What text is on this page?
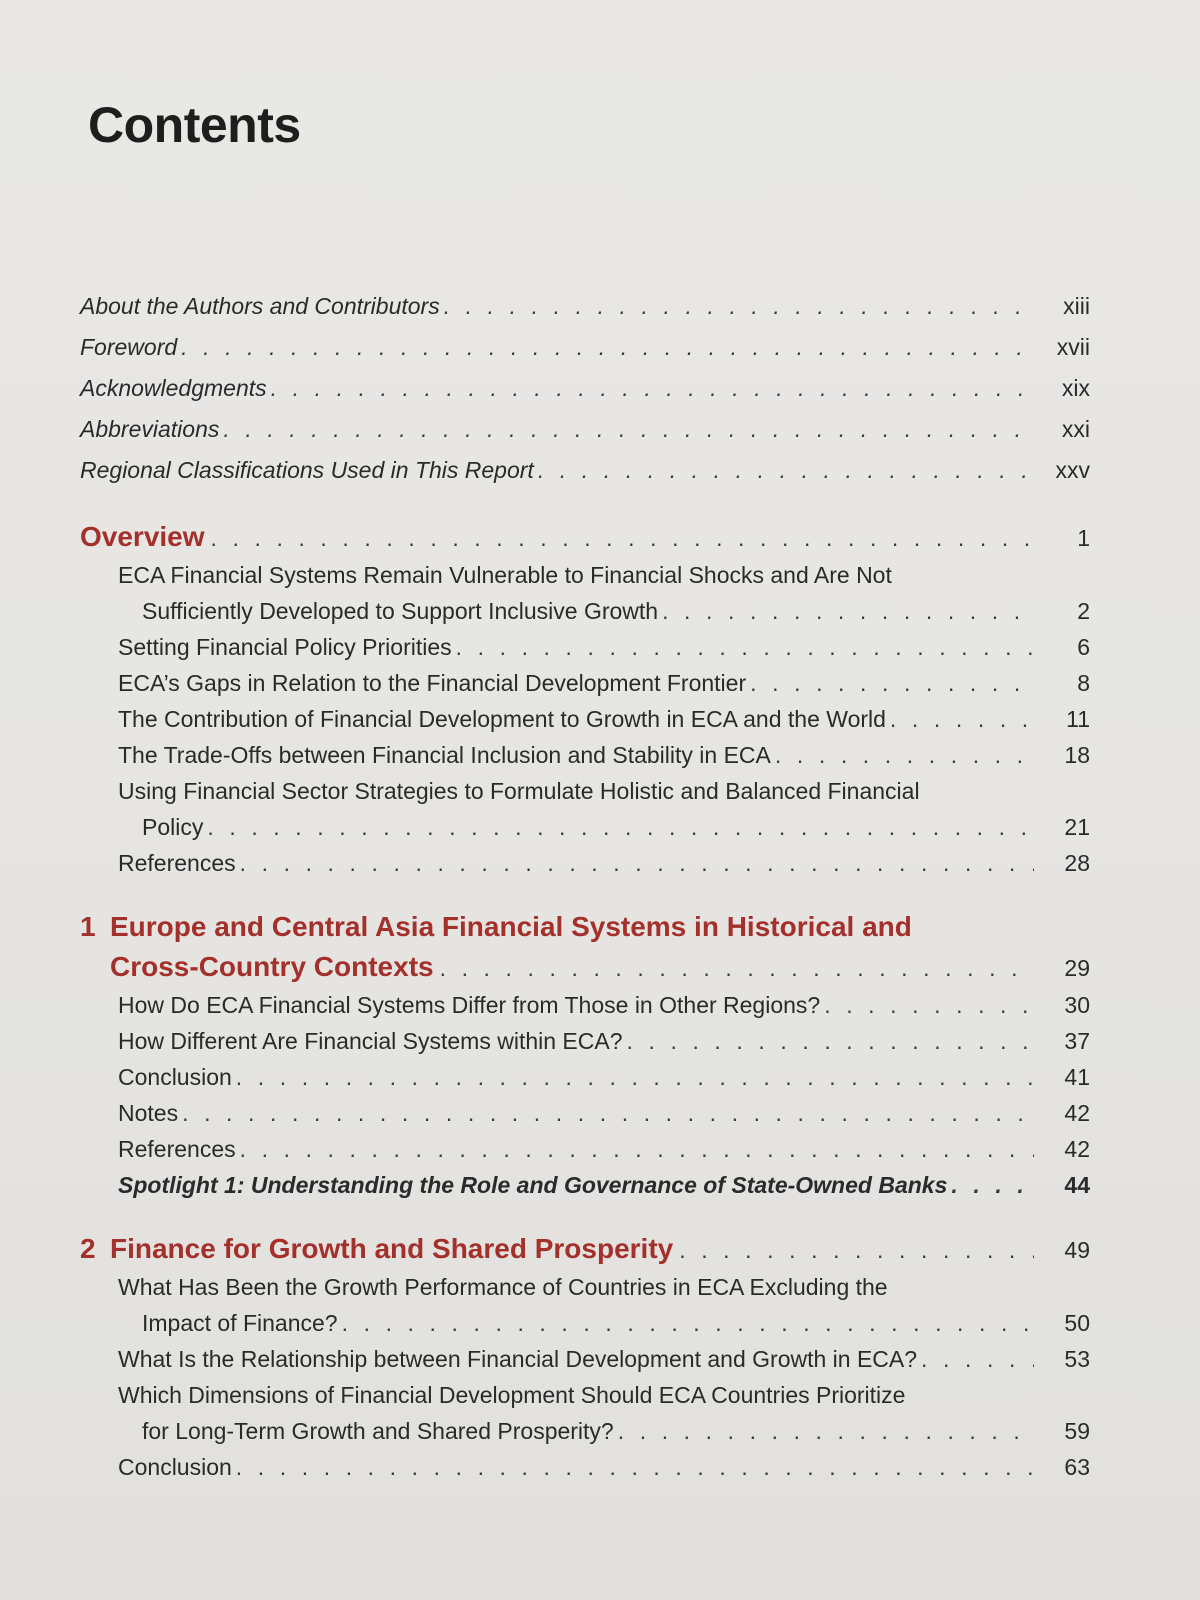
Contents
About the Authors and Contributors . . .	xiii
Foreword . . .	xvii
Acknowledgments . . .	xix
Abbreviations . . .	xxi
Regional Classifications Used in This Report . . .	xxv
Overview . . .	1
ECA Financial Systems Remain Vulnerable to Financial Shocks and Are Not
Sufficiently Developed to Support Inclusive Growth . . .	2
Setting Financial Policy Priorities . . .	6
ECA’s Gaps in Relation to the Financial Development Frontier . . .	8
The Contribution of Financial Development to Growth in ECA and the World . . .	11
The Trade-Offs between Financial Inclusion and Stability in ECA . . .	18
Using Financial Sector Strategies to Formulate Holistic and Balanced Financial
Policy . . .	21
References . . .	28
1 Europe and Central Asia Financial Systems in Historical and
Cross-Country Contexts . . .	29
How Do ECA Financial Systems Differ from Those in Other Regions? . . .	30
How Different Are Financial Systems within ECA? . . .	37
Conclusion . . .	41
Notes . . .	42
References . . .	42
Spotlight 1: Understanding the Role and Governance of State-Owned Banks . . .	44
2 Finance for Growth and Shared Prosperity . . .	49
What Has Been the Growth Performance of Countries in ECA Excluding the
Impact of Finance? . . .	50
What Is the Relationship between Financial Development and Growth in ECA? . . .	53
Which Dimensions of Financial Development Should ECA Countries Prioritize
for Long-Term Growth and Shared Prosperity? . . .	59
Conclusion . . .	63
